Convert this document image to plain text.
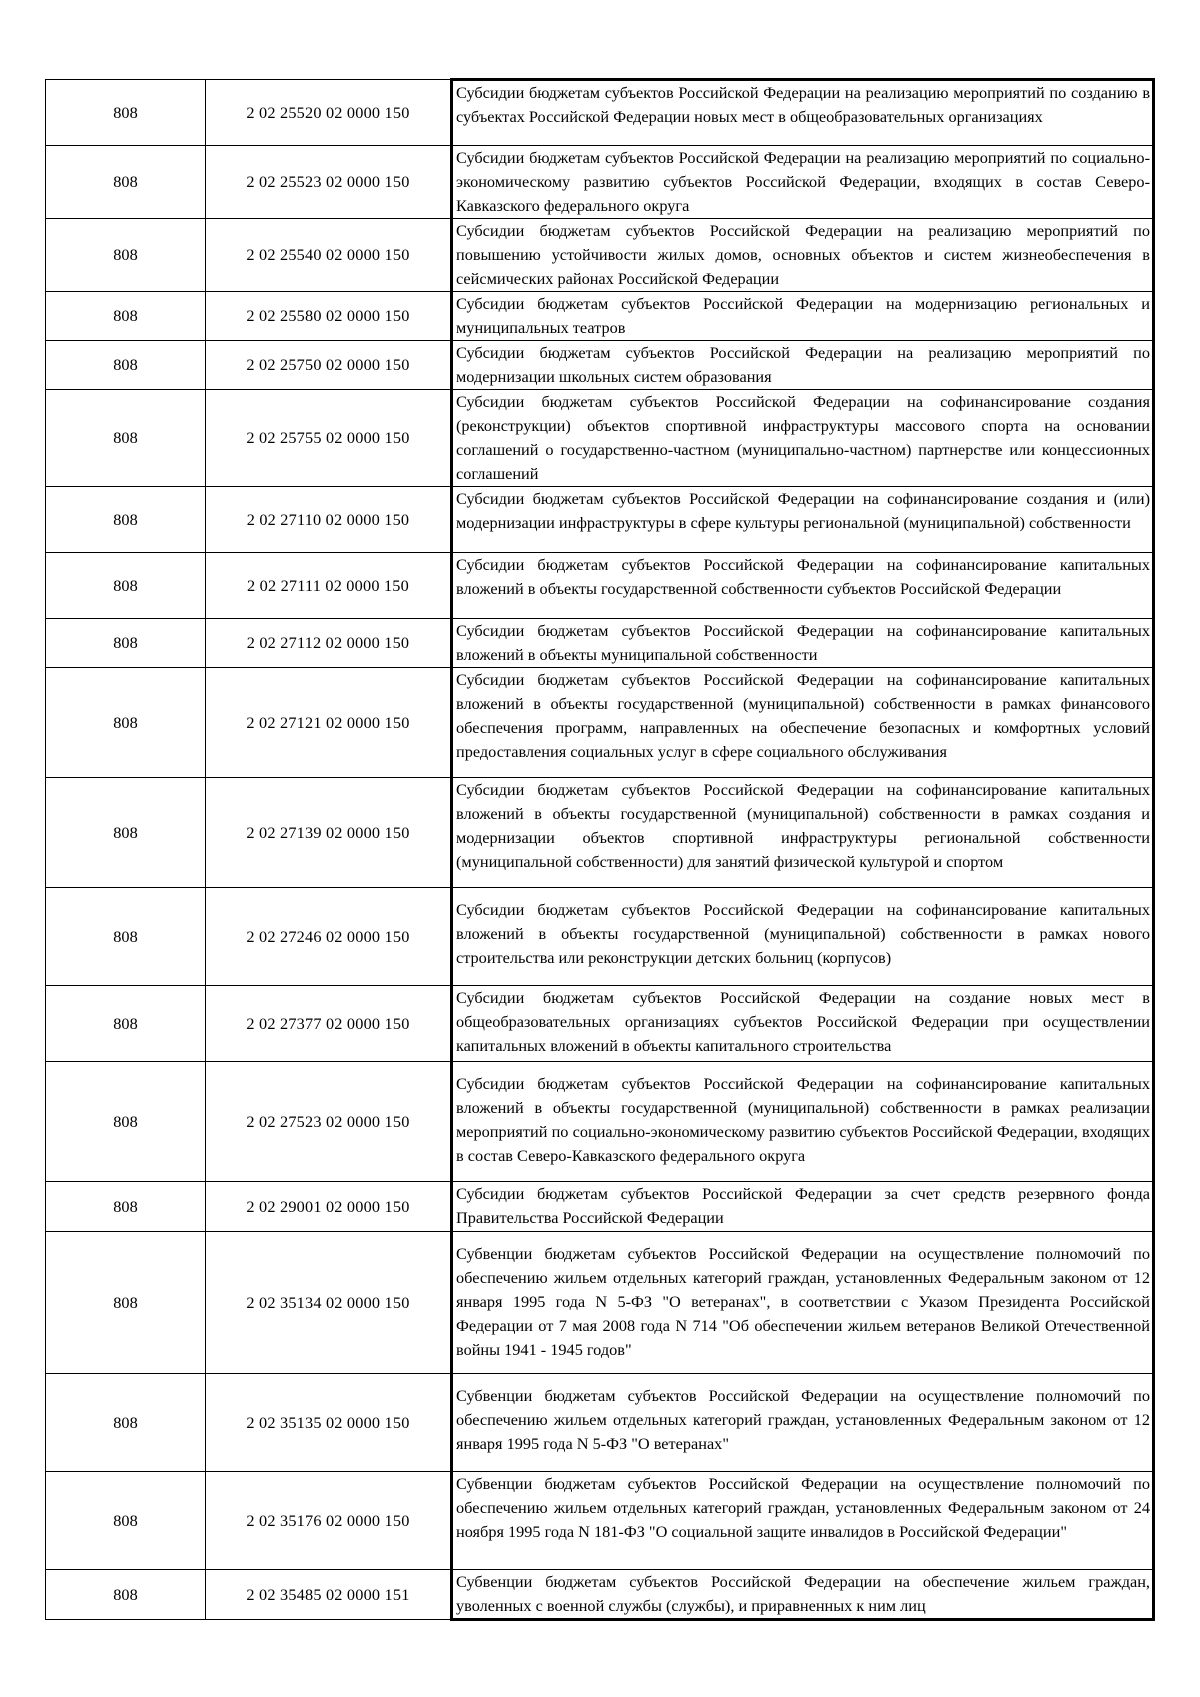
808	2 02 25520 02 0000 150	Субсидии бюджетам субъектов Российской Федерации на реализацию мероприятий по созданию в субъектах Российской Федерации новых мест в общеобразовательных организациях
808	2 02 25523 02 0000 150	Субсидии бюджетам субъектов Российской Федерации на реализацию мероприятий по социально-экономическому развитию субъектов Российской Федерации, входящих в состав Северо-Кавказского федерального округа
808	2 02 25540 02 0000 150	Субсидии бюджетам субъектов Российской Федерации на реализацию мероприятий по повышению устойчивости жилых домов, основных объектов и систем жизнеобеспечения в сейсмических районах Российской Федерации
808	2 02 25580 02 0000 150	Субсидии бюджетам субъектов Российской Федерации на модернизацию региональных и муниципальных театров
808	2 02 25750 02 0000 150	Субсидии бюджетам субъектов Российской Федерации на реализацию мероприятий по модернизации школьных систем образования
808	2 02 25755 02 0000 150	Субсидии бюджетам субъектов Российской Федерации на софинансирование создания (реконструкции) объектов спортивной инфраструктуры массового спорта на основании соглашений о государственно-частном (муниципально-частном) партнерстве или концессионных соглашений
808	2 02 27110 02 0000 150	Субсидии бюджетам субъектов Российской Федерации на софинансирование создания и (или) модернизации инфраструктуры в сфере культуры региональной (муниципальной) собственности
808	2 02 27111 02 0000 150	Субсидии бюджетам субъектов Российской Федерации на софинансирование капитальных вложений в объекты государственной собственности субъектов Российской Федерации
808	2 02 27112 02 0000 150	Субсидии бюджетам субъектов Российской Федерации на софинансирование капитальных вложений в объекты муниципальной собственности
808	2 02 27121 02 0000 150	Субсидии бюджетам субъектов Российской Федерации на софинансирование капитальных вложений в объекты государственной (муниципальной) собственности в рамках финансового обеспечения программ, направленных на обеспечение безопасных и комфортных условий предоставления социальных услуг в сфере социального обслуживания
808	2 02 27139 02 0000 150	Субсидии бюджетам субъектов Российской Федерации на софинансирование капитальных вложений в объекты государственной (муниципальной) собственности в рамках создания и модернизации объектов спортивной инфраструктуры региональной собственности (муниципальной собственности) для занятий физической культурой и спортом
808	2 02 27246 02 0000 150	Субсидии бюджетам субъектов Российской Федерации на софинансирование капитальных вложений в объекты государственной (муниципальной) собственности в рамках нового строительства или реконструкции детских больниц (корпусов)
808	2 02 27377 02 0000 150	Субсидии бюджетам субъектов Российской Федерации на создание новых мест в общеобразовательных организациях субъектов Российской Федерации при осуществлении капитальных вложений в объекты капитального строительства
808	2 02 27523 02 0000 150	Субсидии бюджетам субъектов Российской Федерации на софинансирование капитальных вложений в объекты государственной (муниципальной) собственности в рамках реализации мероприятий по социально-экономическому развитию субъектов Российской Федерации, входящих в состав Северо-Кавказского федерального округа
808	2 02 29001 02 0000 150	Субсидии бюджетам субъектов Российской Федерации за счет средств резервного фонда Правительства Российской Федерации
808	2 02 35134 02 0000 150	Субвенции бюджетам субъектов Российской Федерации на осуществление полномочий по обеспечению жильем отдельных категорий граждан, установленных Федеральным законом от 12 января 1995 года N 5-ФЗ "О ветеранах", в соответствии с Указом Президента Российской Федерации от 7 мая 2008 года N 714 "Об обеспечении жильем ветеранов Великой Отечественной войны 1941 - 1945 годов"
808	2 02 35135 02 0000 150	Субвенции бюджетам субъектов Российской Федерации на осуществление полномочий по обеспечению жильем отдельных категорий граждан, установленных Федеральным законом от 12 января 1995 года N 5-ФЗ "О ветеранах"
808	2 02 35176 02 0000 150	Субвенции бюджетам субъектов Российской Федерации на осуществление полномочий по обеспечению жильем отдельных категорий граждан, установленных Федеральным законом от 24 ноября 1995 года N 181-ФЗ "О социальной защите инвалидов в Российской Федерации"
808	2 02 35485 02 0000 151	Субвенции бюджетам субъектов Российской Федерации на обеспечение жильем граждан, уволенных с военной службы (службы), и приравненных к ним лиц
